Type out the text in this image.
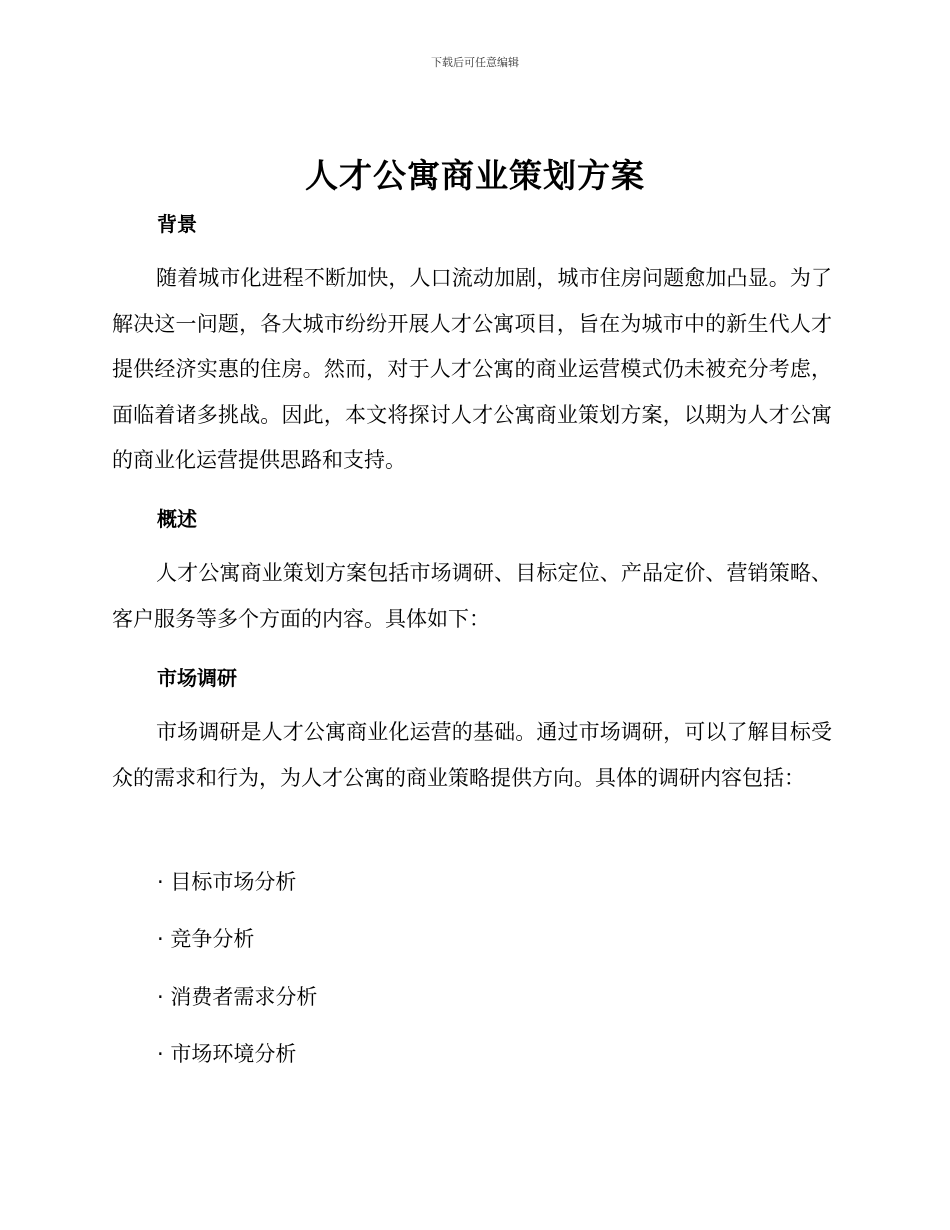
下载后可任意编辑
人才公寓商业策划方案
背景
随着城市化进程不断加快，人口流动加剧，城市住房问题愈加凸显。为了解决这一问题，各大城市纷纷开展人才公寓项目，旨在为城市中的新生代人才提供经济实惠的住房。然而，对于人才公寓的商业运营模式仍未被充分考虑，面临着诸多挑战。因此，本文将探讨人才公寓商业策划方案，以期为人才公寓的商业化运营提供思路和支持。
概述
人才公寓商业策划方案包括市场调研、目标定位、产品定价、营销策略、客户服务等多个方面的内容。具体如下：
市场调研
市场调研是人才公寓商业化运营的基础。通过市场调研，可以了解目标受众的需求和行为，为人才公寓的商业策略提供方向。具体的调研内容包括：
· 目标市场分析
· 竞争分析
· 消费者需求分析
· 市场环境分析
